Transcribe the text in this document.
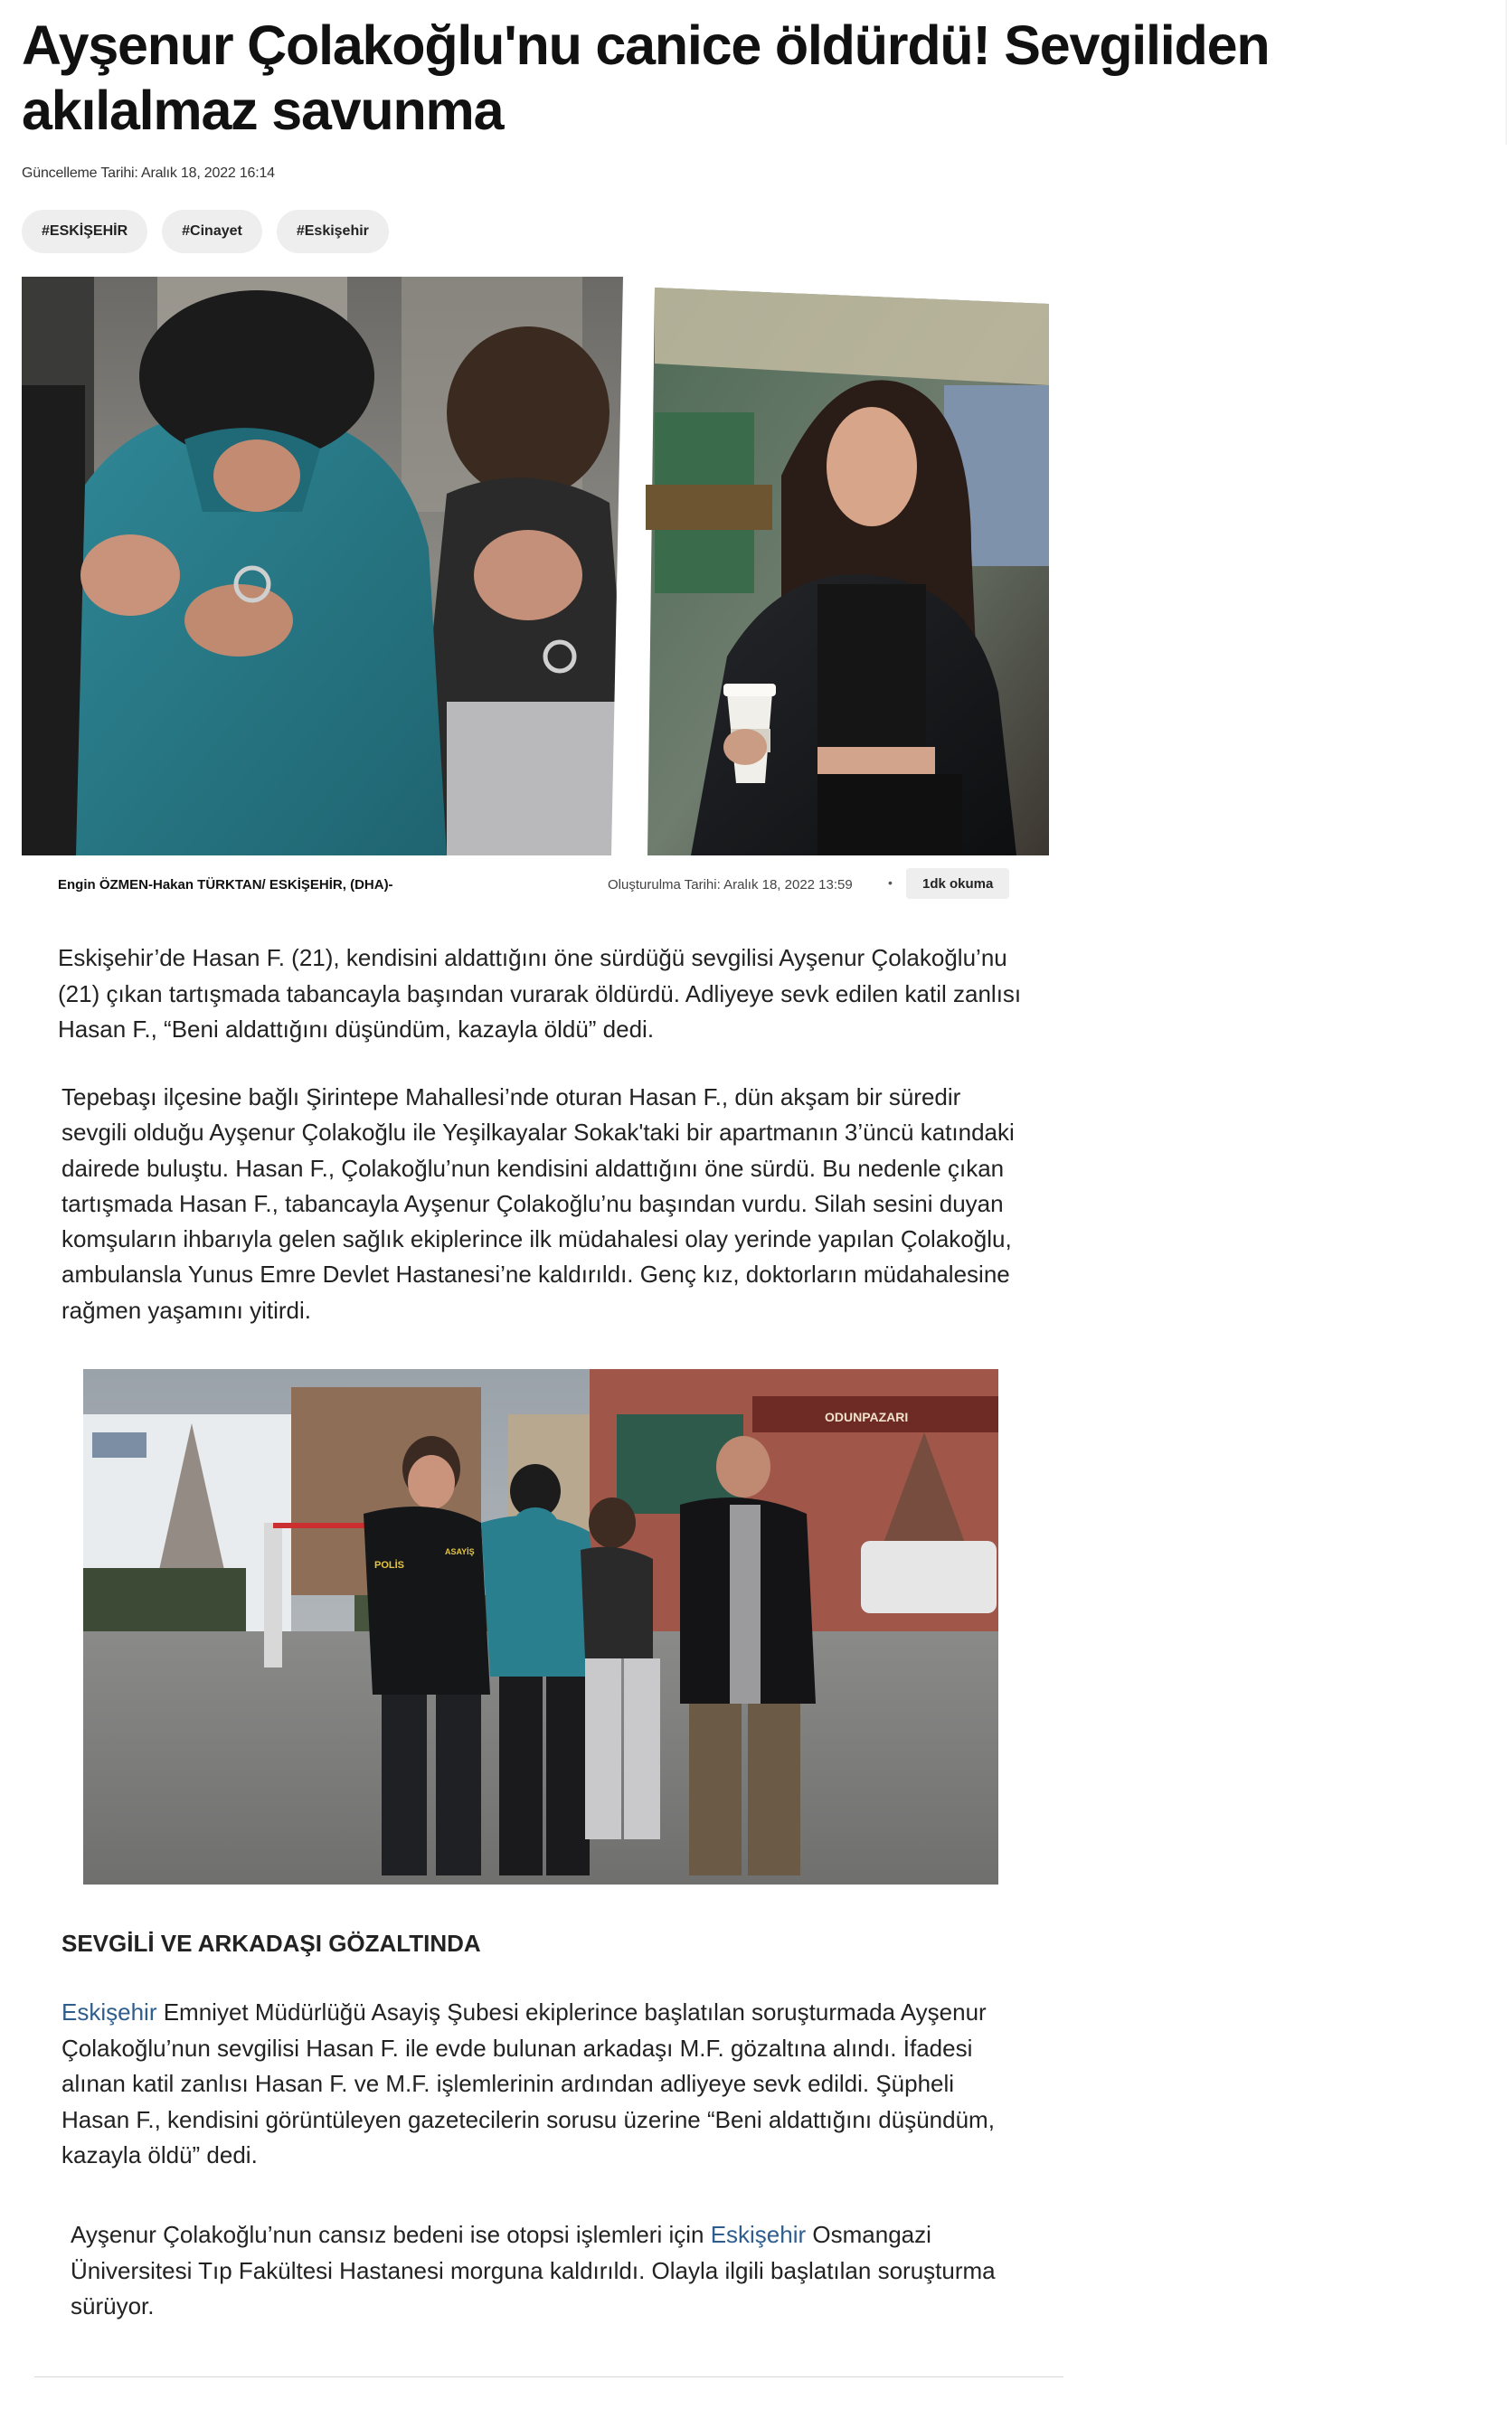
Ayşenur Çolakoğlu'nu canice öldürdü! Sevgiliden akılalmaz savunma
Güncelleme Tarihi: Aralık 18, 2022 16:14
#ESKİŞEHİR	#Cinayet	#Eskişehir
Engin ÖZMEN-Hakan TÜRKTAN/ ESKİŞEHİR, (DHA)-	Oluşturulma Tarihi: Aralık 18, 2022 13:59	•	1dk okuma

Eskişehir’de Hasan F. (21), kendisini aldattığını öne sürdüğü sevgilisi Ayşenur Çolakoğlu’nu (21) çıkan tartışmada tabancayla başından vurarak öldürdü. Adliyeye sevk edilen katil zanlısı Hasan F., “Beni aldattığını düşündüm, kazayla öldü” dedi.

Tepebaşı ilçesine bağlı Şirintepe Mahallesi’nde oturan Hasan F., dün akşam bir süredir sevgili olduğu Ayşenur Çolakoğlu ile Yeşilkayalar Sokak'taki bir apartmanın 3’üncü katındaki dairede buluştu. Hasan F., Çolakoğlu’nun kendisini aldattığını öne sürdü. Bu nedenle çıkan tartışmada Hasan F., tabancayla Ayşenur Çolakoğlu’nu başından vurdu. Silah sesini duyan komşuların ihbarıyla gelen sağlık ekiplerince ilk müdahalesi olay yerinde yapılan Çolakoğlu, ambulansla Yunus Emre Devlet Hastanesi’ne kaldırıldı. Genç kız, doktorların müdahalesine rağmen yaşamını yitirdi.

ODUNPAZARI
POLİS
ASAYİŞ
SEVGİLİ VE ARKADAŞI GÖZALTINDA

Eskişehir Emniyet Müdürlüğü Asayiş Şubesi ekiplerince başlatılan soruşturmada Ayşenur Çolakoğlu’nun sevgilisi Hasan F. ile evde bulunan arkadaşı M.F. gözaltına alındı. İfadesi alınan katil zanlısı Hasan F. ve M.F. işlemlerinin ardından adliyeye sevk edildi. Şüpheli Hasan F., kendisini görüntüleyen gazetecilerin sorusu üzerine “Beni aldattığını düşündüm, kazayla öldü” dedi.

Ayşenur Çolakoğlu’nun cansız bedeni ise otopsi işlemleri için Eskişehir Osmangazi Üniversitesi Tıp Fakültesi Hastanesi morguna kaldırıldı. Olayla ilgili başlatılan soruşturma sürüyor.
